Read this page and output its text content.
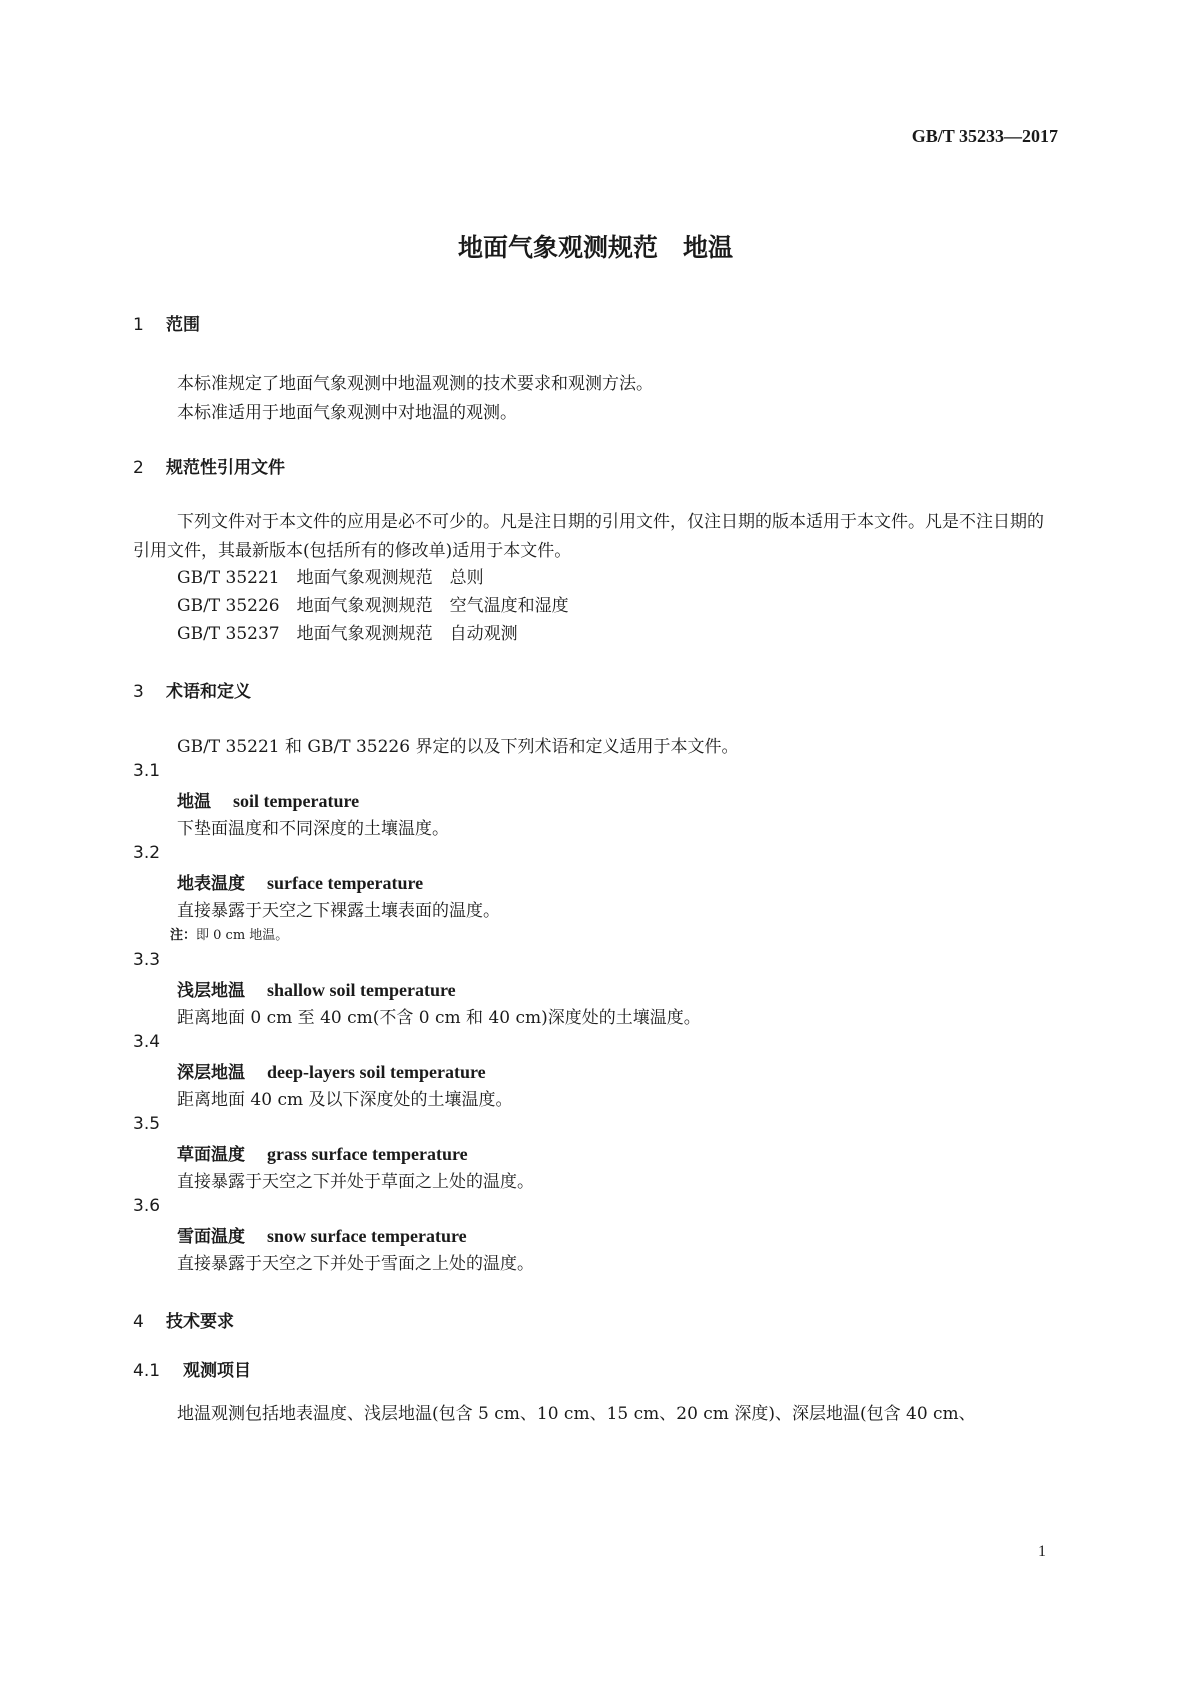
GB/T 35233—2017
地面气象观测规范　地温
1 范围
本标准规定了地面气象观测中地温观测的技术要求和观测方法。
本标准适用于地面气象观测中对地温的观测。
2 规范性引用文件
下列文件对于本文件的应用是必不可少的。凡是注日期的引用文件，仅注日期的版本适用于本文件。凡是不注日期的引用文件，其最新版本(包括所有的修改单)适用于本文件。
GB/T 35221　地面气象观测规范　总则
GB/T 35226　地面气象观测规范　空气温度和湿度
GB/T 35237　地面气象观测规范　自动观测
3 术语和定义
GB/T 35221 和 GB/T 35226 界定的以及下列术语和定义适用于本文件。
3.1
地温 soil temperature
下垫面温度和不同深度的土壤温度。
3.2
地表温度 surface temperature
直接暴露于天空之下裸露土壤表面的温度。
注：即 0 cm 地温。
3.3
浅层地温 shallow soil temperature
距离地面 0 cm 至 40 cm(不含 0 cm 和 40 cm)深度处的土壤温度。
3.4
深层地温 deep-layers soil temperature
距离地面 40 cm 及以下深度处的土壤温度。
3.5
草面温度 grass surface temperature
直接暴露于天空之下并处于草面之上处的温度。
3.6
雪面温度 snow surface temperature
直接暴露于天空之下并处于雪面之上处的温度。
4 技术要求
4.1 观测项目
地温观测包括地表温度、浅层地温(包含 5 cm、10 cm、15 cm、20 cm 深度)、深层地温(包含 40 cm、
1
